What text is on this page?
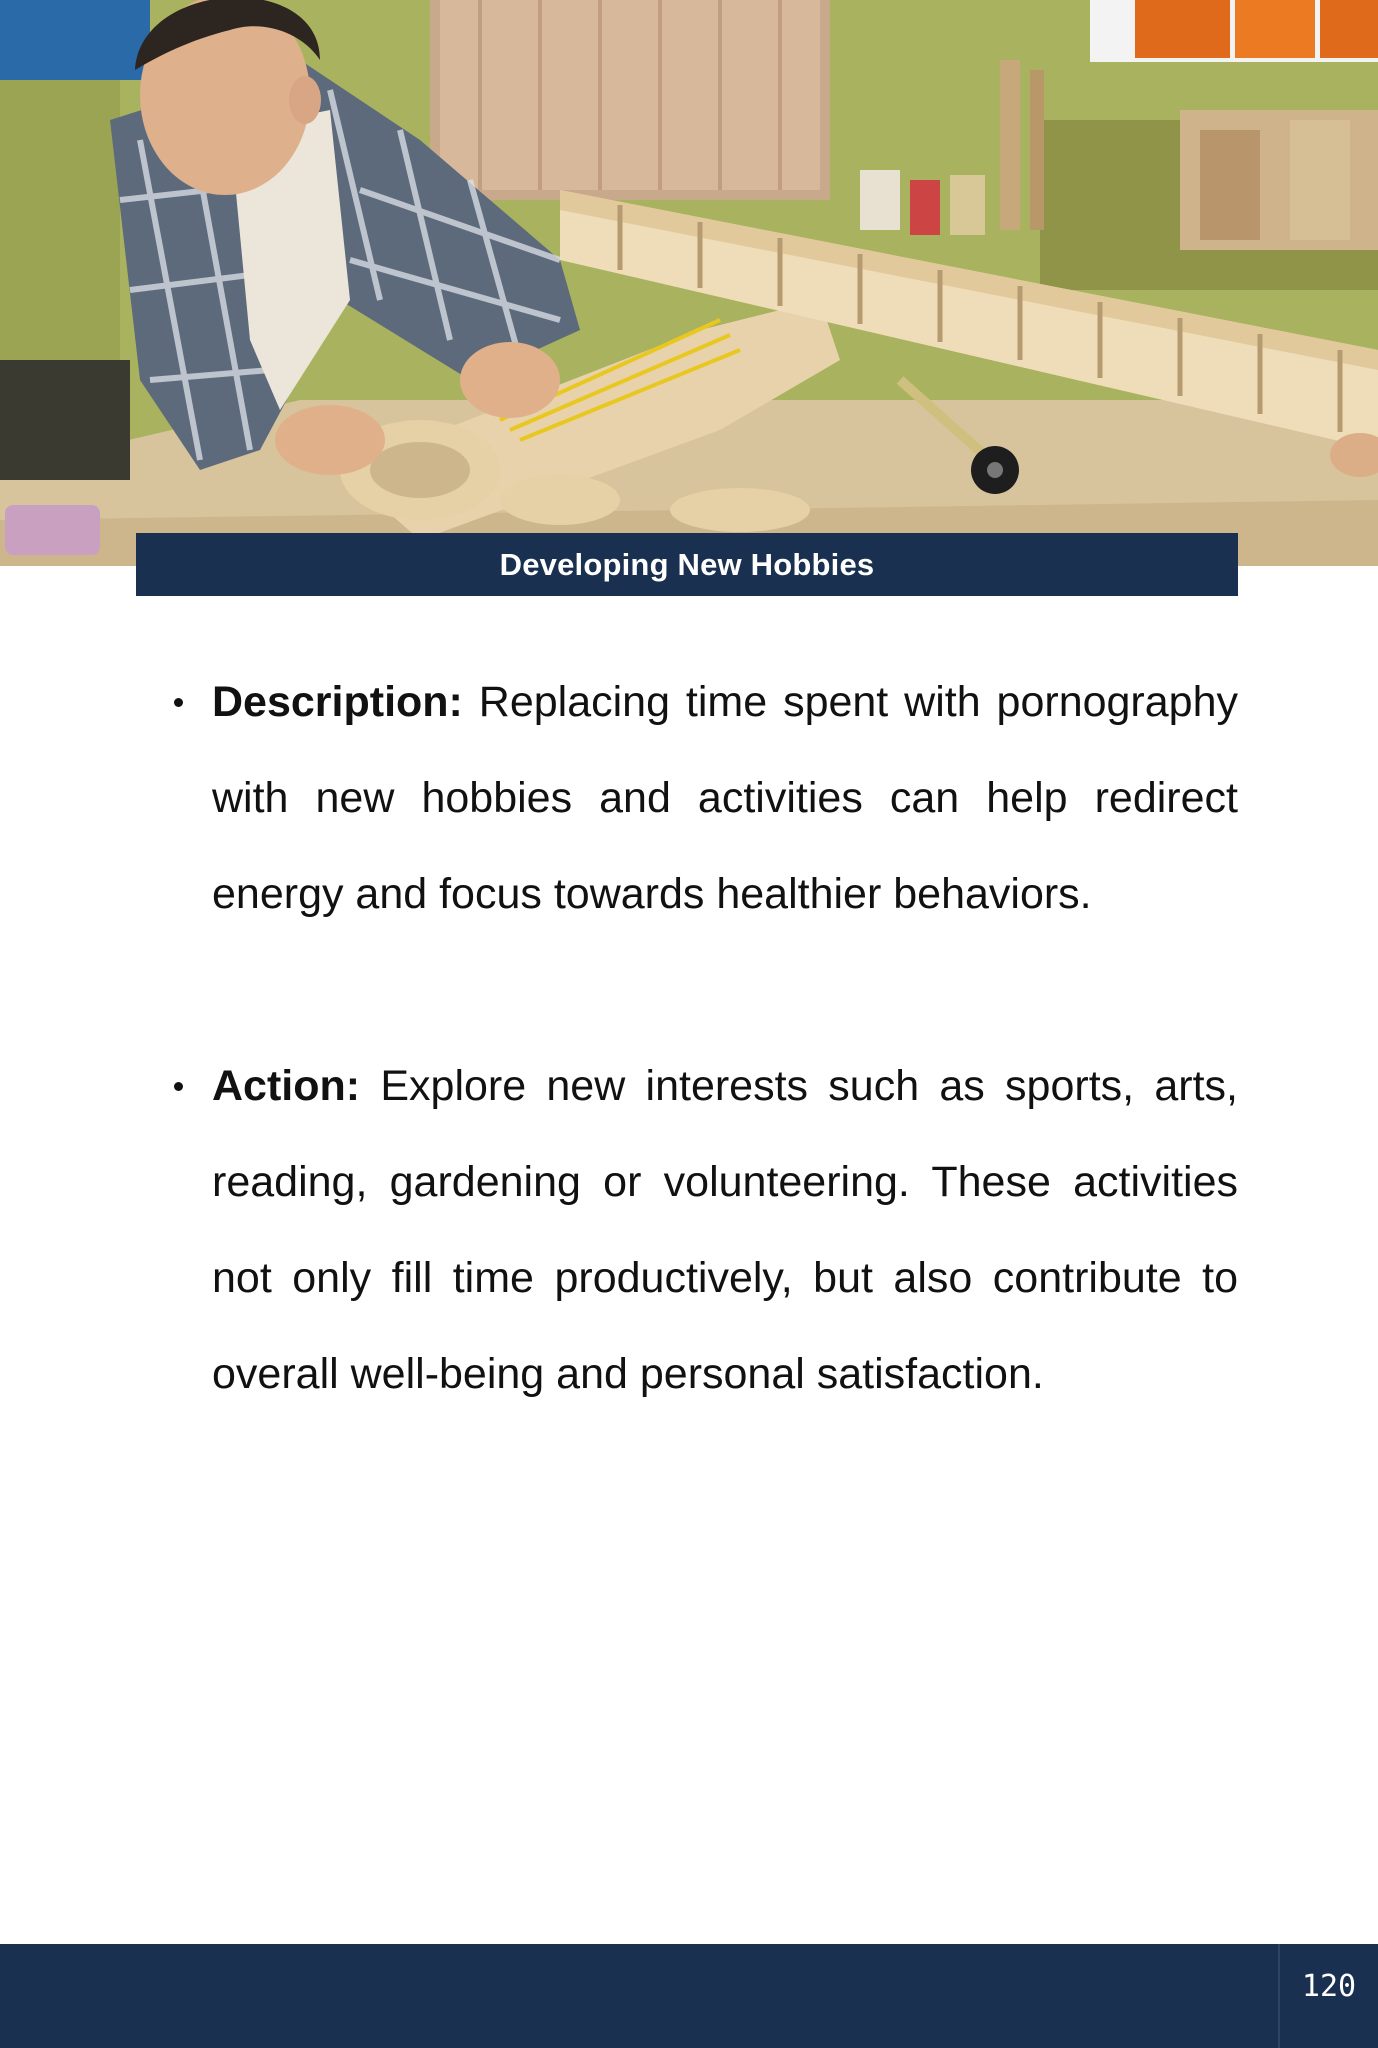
Developing New Hobbies

Description: Replacing time spent with pornography with new hobbies and activities can help redirect energy and focus towards healthier behaviors.

Action: Explore new interests such as sports, arts, reading, gardening or volunteering. These activities not only fill time productively, but also contribute to overall well-being and personal satisfaction.

120
